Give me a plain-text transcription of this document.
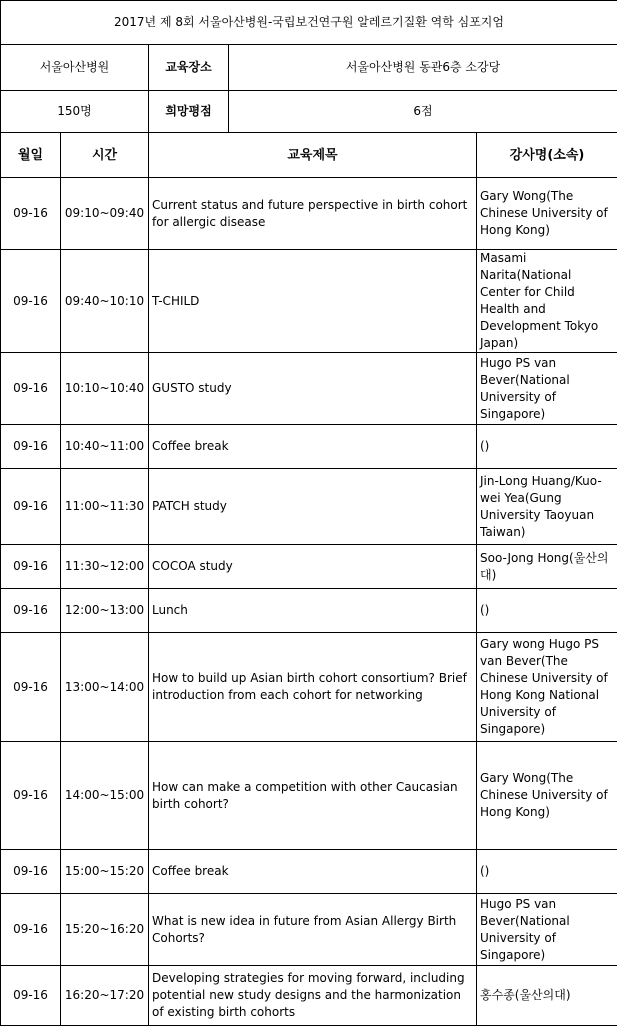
2017년 제 8회 서울아산병원-국립보건연구원 알레르기질환 역학 심포지엄				
서울아산병원		교육장소	서울아산병원 동관6층 소강당	
150명		희망평점	6점	
월일	시간	교육제목		강사명(소속)
09-16	09:10~09:40	Current status and future perspective in birth cohort for allergic disease		Gary Wong(The Chinese University of Hong Kong)
09-16	09:40~10:10	T-CHILD		Masami Narita(National Center for Child Health and Development Tokyo Japan)
09-16	10:10~10:40	GUSTO study		Hugo PS van Bever(National University of Singapore)
09-16	10:40~11:00	Coffee break		()
09-16	11:00~11:30	PATCH study		Jin-Long Huang/Kuo-wei Yea(Gung University Taoyuan Taiwan)
09-16	11:30~12:00	COCOA study		Soo-Jong Hong(울산의대)
09-16	12:00~13:00	Lunch		()
09-16	13:00~14:00	How to build up Asian birth cohort consortium? Brief introduction from each cohort for networking		Gary wong Hugo PS van Bever(The Chinese University of Hong Kong National University of Singapore)
09-16	14:00~15:00	How can make a competition with other Caucasian birth cohort?		Gary Wong(The Chinese University of Hong Kong)
09-16	15:00~15:20	Coffee break		()
09-16	15:20~16:20	What is new idea in future from Asian Allergy Birth Cohorts?		Hugo PS van Bever(National University of Singapore)
09-16	16:20~17:20	Developing strategies for moving forward, including potential new study designs and the harmonization of existing birth cohorts		홍수종(울산의대)
